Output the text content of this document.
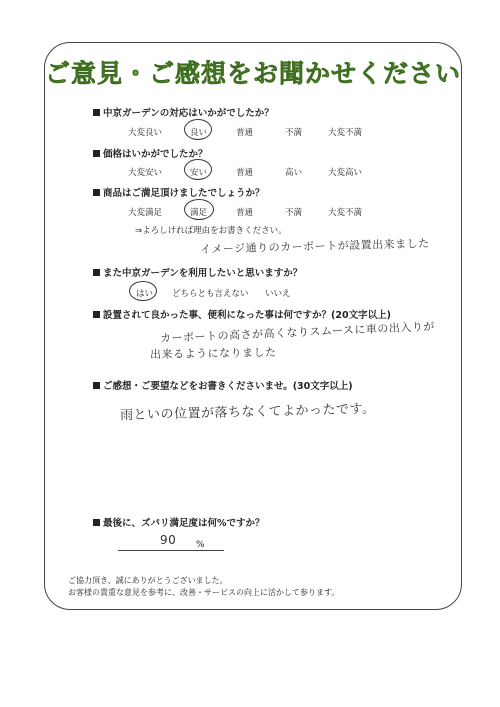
ご意見・ご感想をお聞かせください
中京ガーデンの対応はいかがでしたか？
大変良い	良い	普通	不満	大変不満
価格はいかがでしたか？
大変安い	安い	普通	高い	大変高い
商品はご満足頂けましたでしょうか？
大変満足	満足	普通	不満	大変不満
⇒よろしければ理由をお書きください。
イメージ通りのカーポートが設置出来ました
また中京ガーデンを利用したいと思いますか？
はい どちらとも言えない いいえ
設置されて良かった事、便利になった事は何ですか？(20文字以上)
カーポートの高さが高くなりスムースに車の出入りが
出来るようになりました
ご感想・ご要望などをお書きくださいませ。(30文字以上)
雨といの位置が落ちなくてよかったです。
最後に、ズバリ満足度は何%ですか？
90 %
ご協力頂き、誠にありがとうございました。
お客様の貴重な意見を参考に、改善・サービスの向上に活かして参ります。
